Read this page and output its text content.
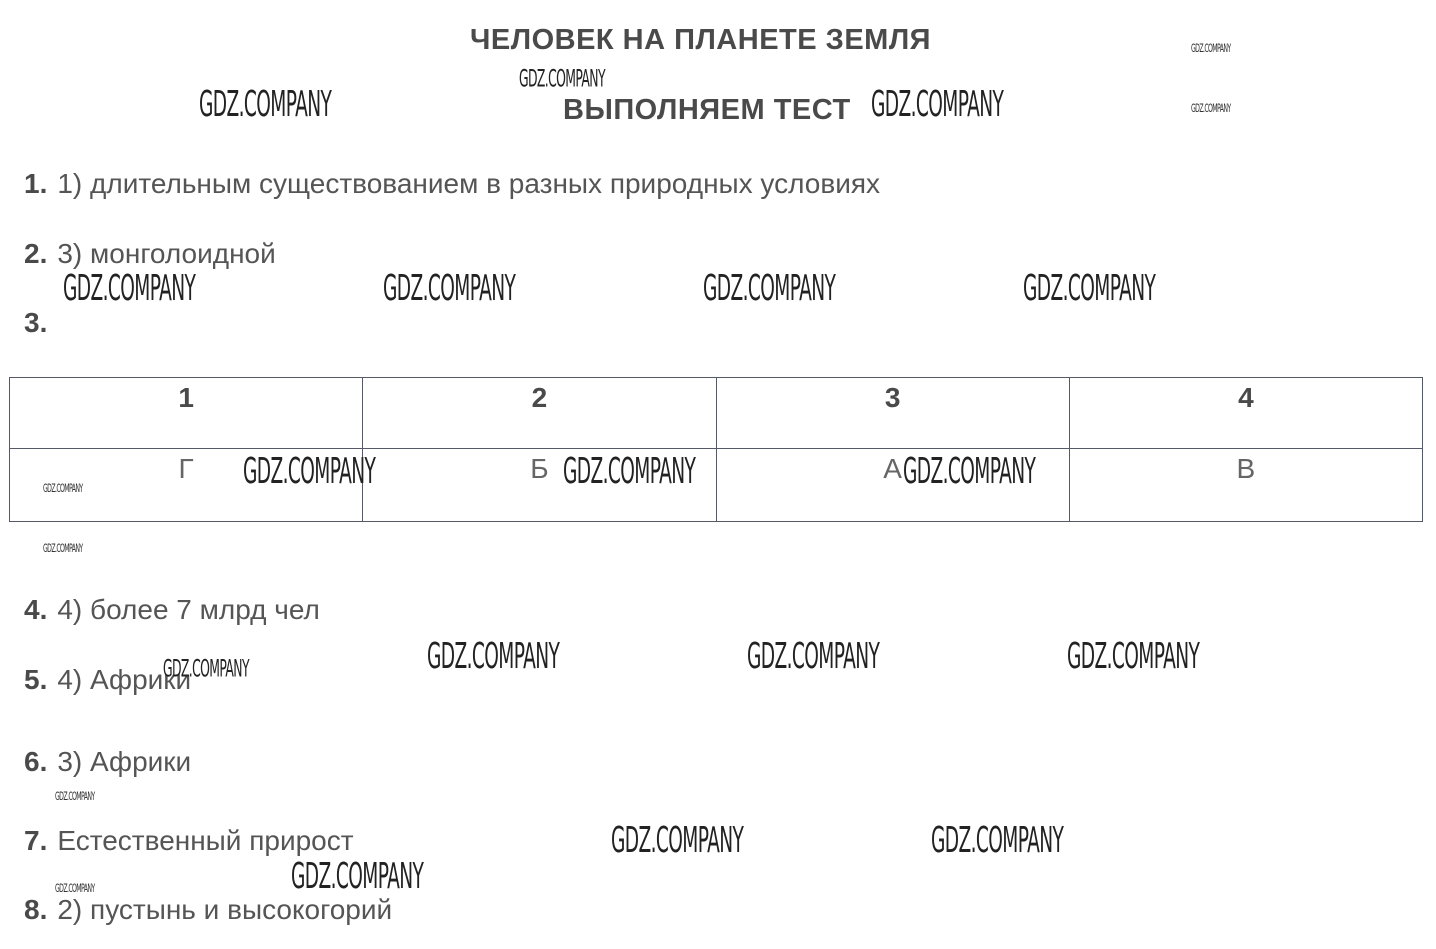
ЧЕЛОВЕК НА ПЛАНЕТЕ ЗЕМЛЯ
ВЫПОЛНЯЕМ ТЕСТ
1. 1) длительным существованием в разных природных условиях
2. 3) монголоидной
3.
1	2	3	4
Г	Б	А	В
4. 4) более 7 млрд чел
5. 4) Африки
6. 3) Африки
7. Естественный прирост
8. 2) пустынь и высокогорий
GDZ.COMPANY
GDZ.COMPANY
GDZ.COMPANY	GDZ.COMPANY	GDZ.COMPANY
GDZ.COMPANY	GDZ.COMPANY	GDZ.COMPANY	GDZ.COMPANY
GDZ.COMPANY	GDZ.COMPANY	GDZ.COMPANY	GDZ.COMPANY
GDZ.COMPANY
GDZ.COMPANY	GDZ.COMPANY	GDZ.COMPANY	GDZ.COMPANY
GDZ.COMPANY
GDZ.COMPANY	GDZ.COMPANY
GDZ.COMPANY
GDZ.COMPANY
